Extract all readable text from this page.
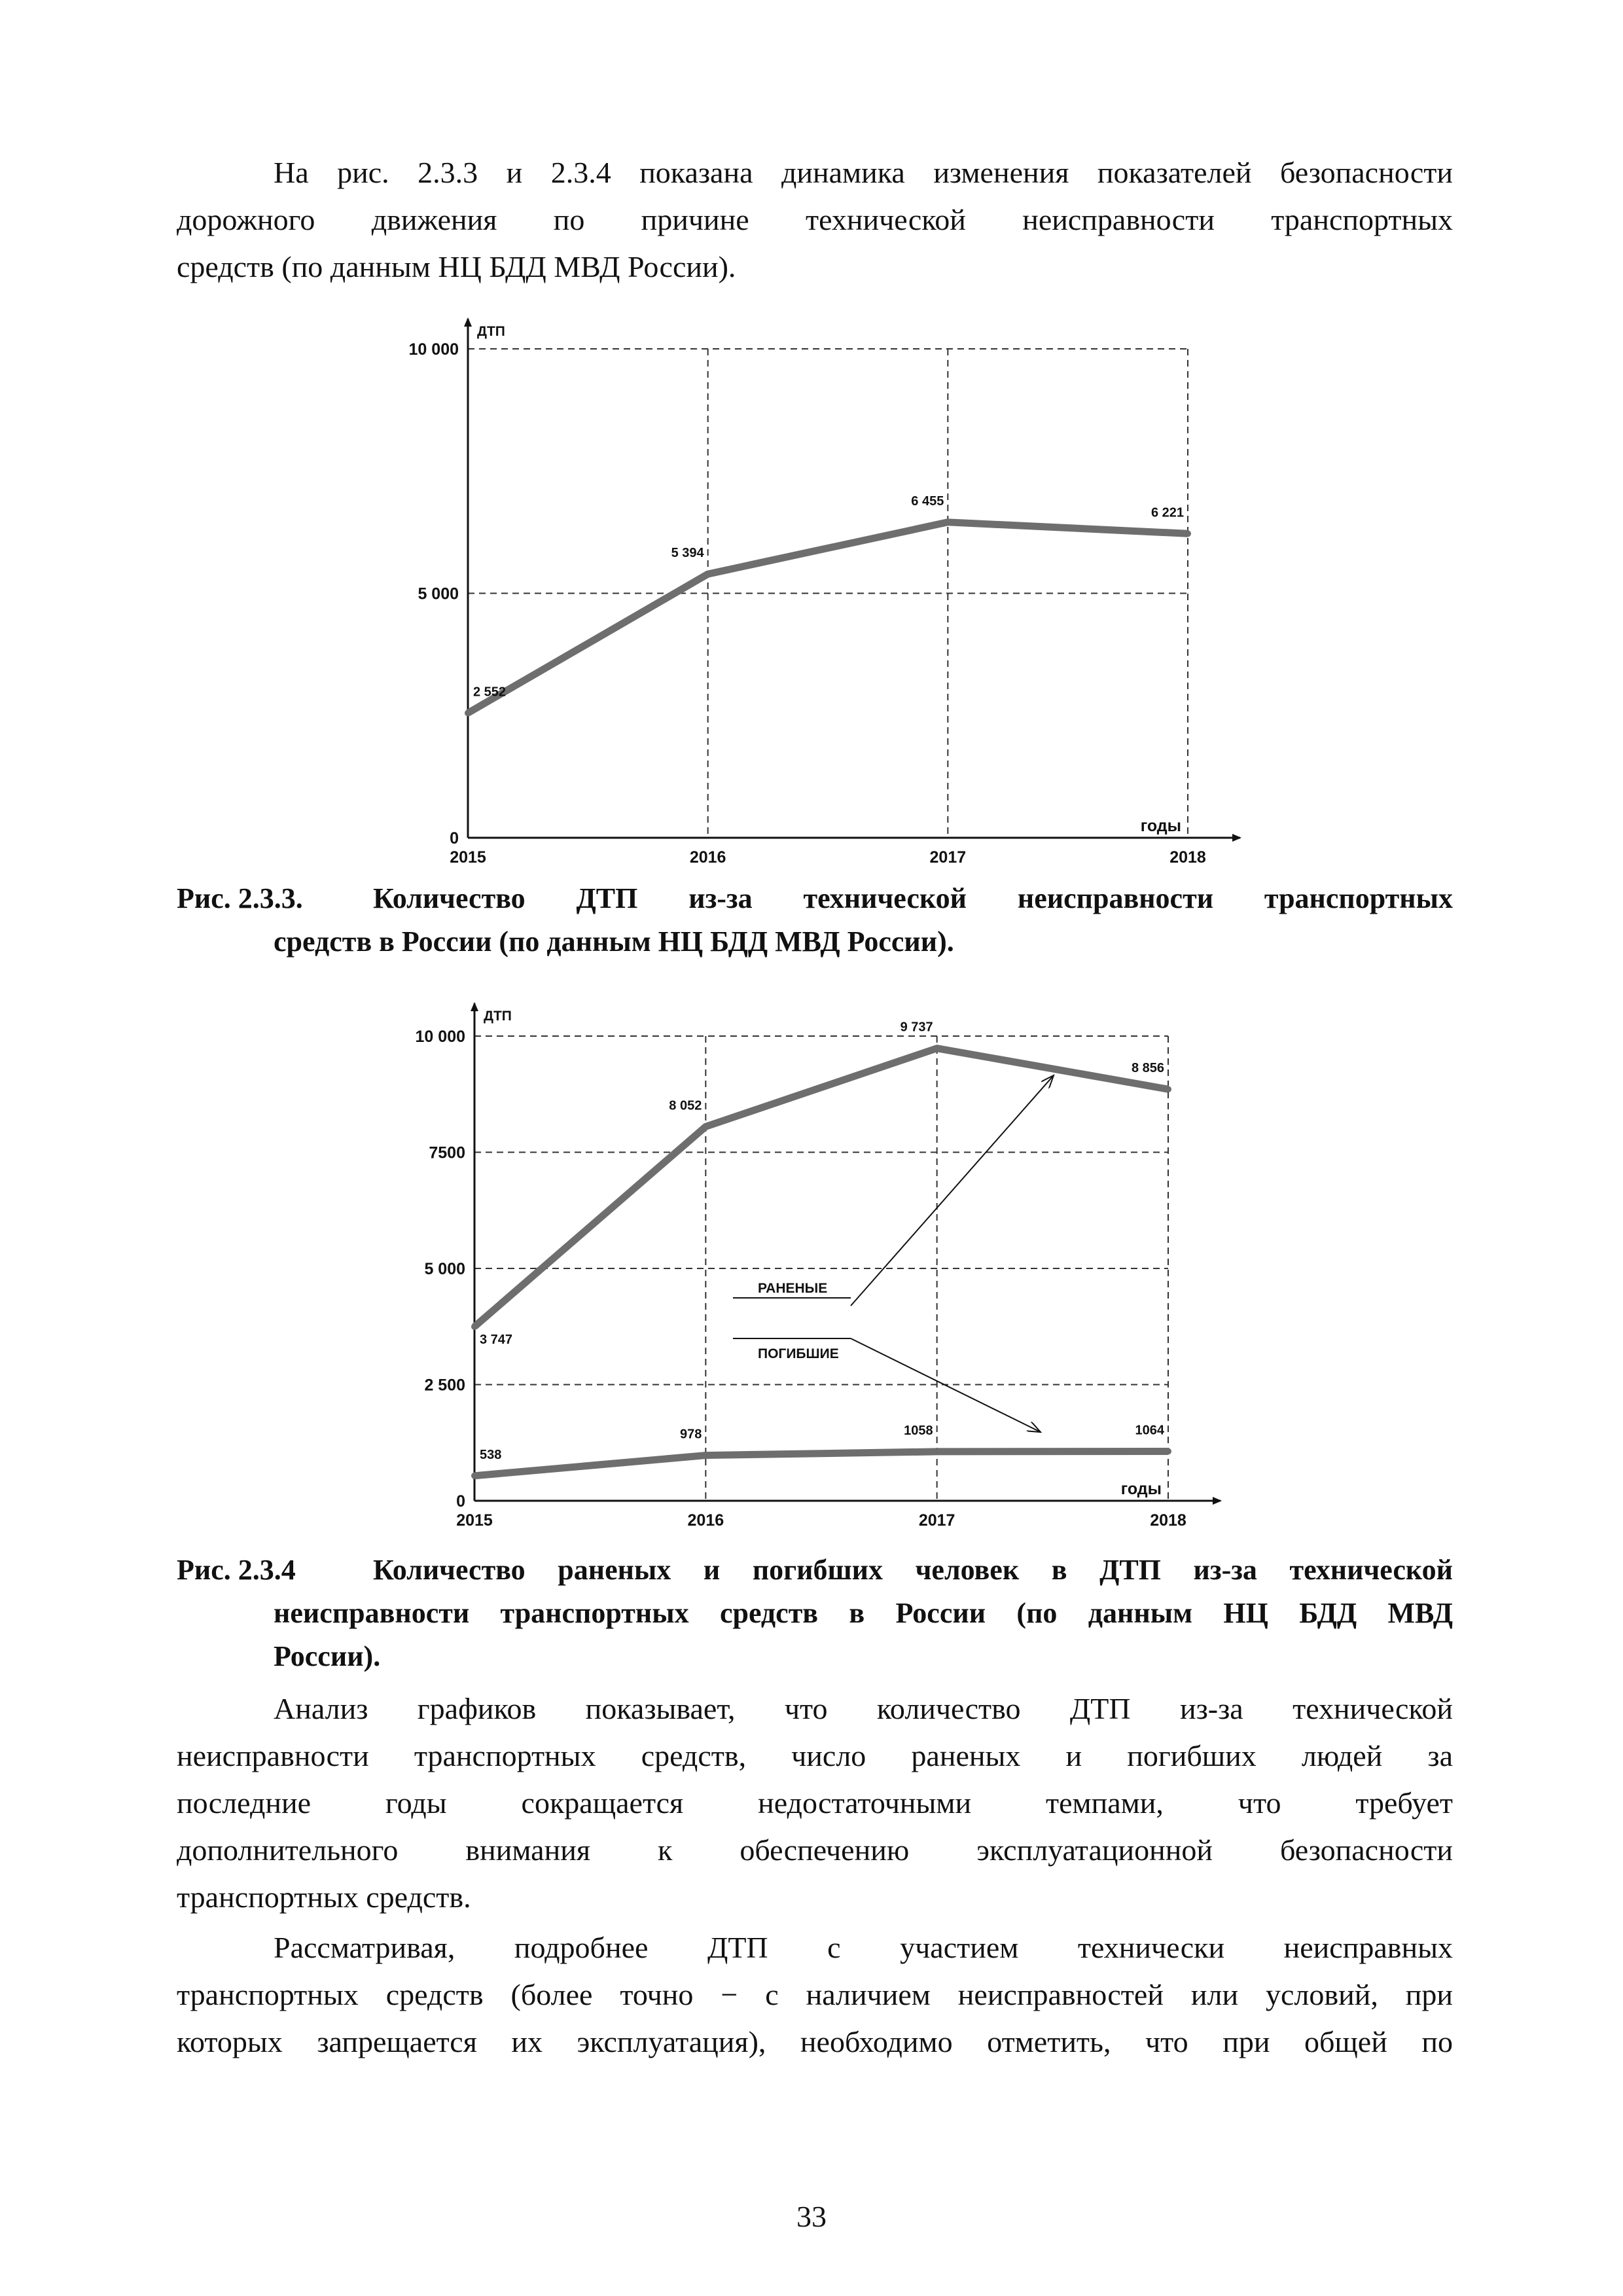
На рис. 2.3.3 и 2.3.4 показана динамика изменения показателей безопасности
дорожного движения по причине технической неисправности транспортных
средств (по данным НЦ БДД МВД России).
0
5 000
10 000
2015	2016	2017	2018
ДТП
годы
2 552
5 394
6 455
6 221
Рис. 2.3.3.	Количество ДТП из-за технической неисправности транспортных
средств в России (по данным НЦ БДД МВД России).
0
2 500
5 000
7500
10 000
2015	2016	2017	2018
ДТП
годы
3 747
8 052
9 737
8 856
538
978	1058	1064
РАНЕНЫЕ
ПОГИБШИЕ
Рис. 2.3.4	Количество раненых и погибших человек в ДТП из-за технической
неисправности транспортных средств в России (по данным НЦ БДД МВД
России).
Анализ графиков показывает, что количество ДТП из-за технической
неисправности транспортных средств, число раненых и погибших людей за
последние годы сокращается недостаточными темпами, что требует
дополнительного внимания к обеспечению эксплуатационной безопасности
транспортных средств.
Рассматривая, подробнее ДТП с участием технически неисправных
транспортных средств (более точно − с наличием неисправностей или условий, при
которых запрещается их эксплуатация), необходимо отметить, что при общей по
33
